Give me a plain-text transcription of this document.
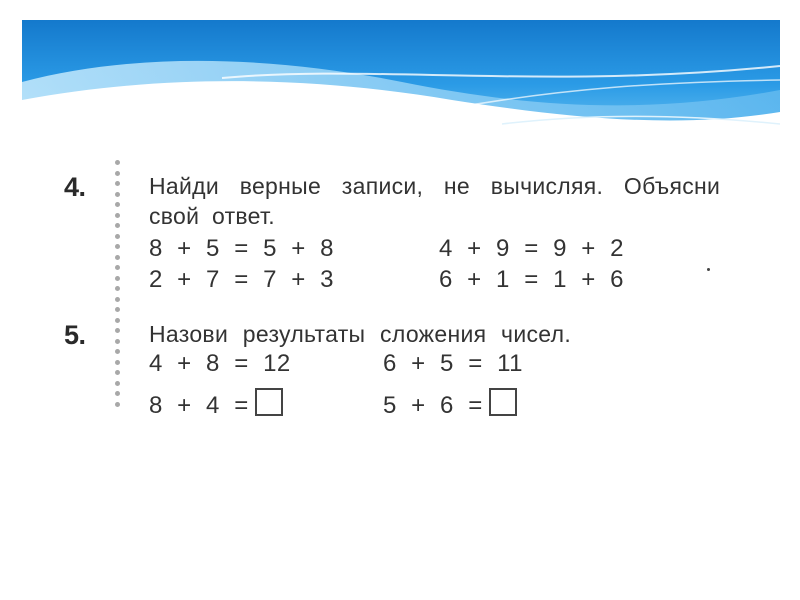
4.	Найди верные записи, не вычисляя. Объясни
свой ответ.
8  +  5  =  5  +  8	4  +  9  =  9  +  2
2  +  7  =  7  +  3	6  +  1  =  1  +  6
5.	Назови результаты сложения чисел.
4  +  8  =  12	6  +  5  =  11
8  +  4  =	5  +  6  =
